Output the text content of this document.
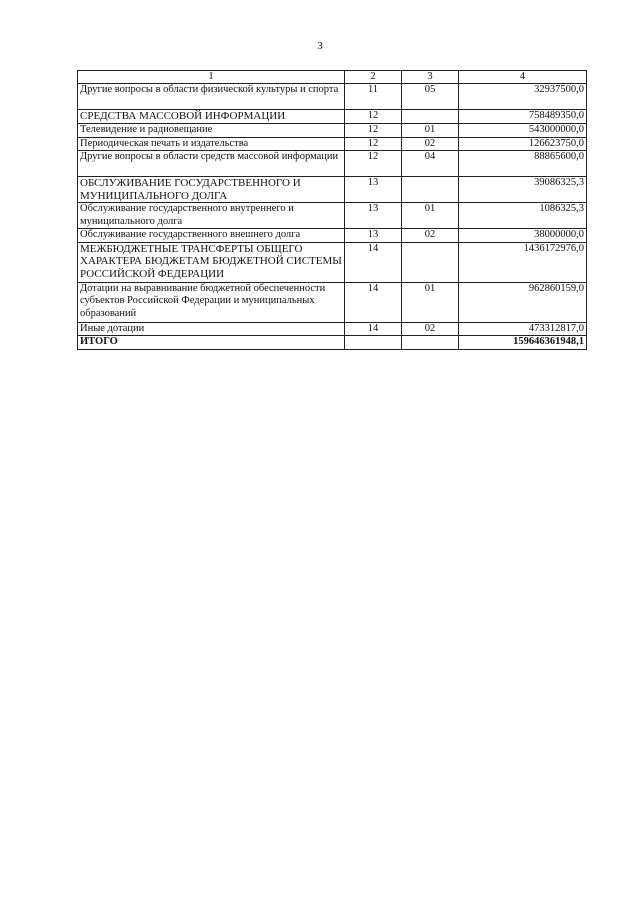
3
1	2	3	4
Другие вопросы в области физической культуры и спорта	11	05	32937500,0
СРЕДСТВА МАССОВОЙ ИНФОРМАЦИИ	12		758489350,0
Телевидение и радиовещание	12	01	543000000,0
Периодическая печать и издательства	12	02	126623750,0
Другие вопросы в области средств массовой информации	12	04	88865600,0
ОБСЛУЖИВАНИЕ ГОСУДАРСТВЕННОГО И МУНИЦИПАЛЬНОГО ДОЛГА	13		39086325,3
Обслуживание государственного внутреннего и муниципального долга	13	01	1086325,3
Обслуживание государственного внешнего долга	13	02	38000000,0
МЕЖБЮДЖЕТНЫЕ ТРАНСФЕРТЫ ОБЩЕГО ХАРАКТЕРА БЮДЖЕТАМ БЮДЖЕТНОЙ СИСТЕМЫ РОССИЙСКОЙ ФЕДЕРАЦИИ	14		1436172976,0
Дотации на выравнивание бюджетной обеспеченности субъектов Российской Федерации и муниципальных образований	14	01	962860159,0
Иные дотации	14	02	473312817,0
ИТОГО			159646361948,1
